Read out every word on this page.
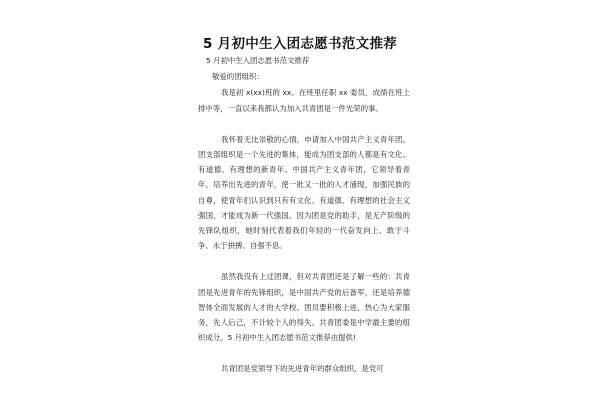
5 月初中生入团志愿书范文推荐

5 月初中生入团志愿书范文推荐

敬爱的团组织：

我是初 x(xx)班的 xx。在班里任职 xx 委员，成绩在班上排中等，一直以来我都认为加入共青团是一件光荣的事。

我怀着无比崇敬的心情，申请加入中国共产主义青年团。团支部组织是一个先进的集体，能成为团支部的人都是有文化、有道德、有理想的新青年。中国共产主义青年团，它领导着青年，培养出先进的青年，使一批又一批的人才涌现，加强民族的自尊，使青年们认识到只有有文化、有道德、有理想的社会主义强国，才能成为新一代强国。因为团是党的助手，是无产阶级的先锋队组织，她时刻代表着我们年轻的一代奋发向上、敢于斗争、永于拼搏、自强不息。

虽然我没有上过团课，但对共青团还是了解一些的：共青团是先进青年的先锋组织，是中国共产党的后备军，还是培养德智体全面发展的人才的大学校。团员要积极上进，热心为大家服务，先人后己，不计较个人的得失。共青团委是中学最主要的组织成分。5 月初中生入团志愿书范文推荐由提供!

共青团是党领导下的先进青年的群众组织，是党可
